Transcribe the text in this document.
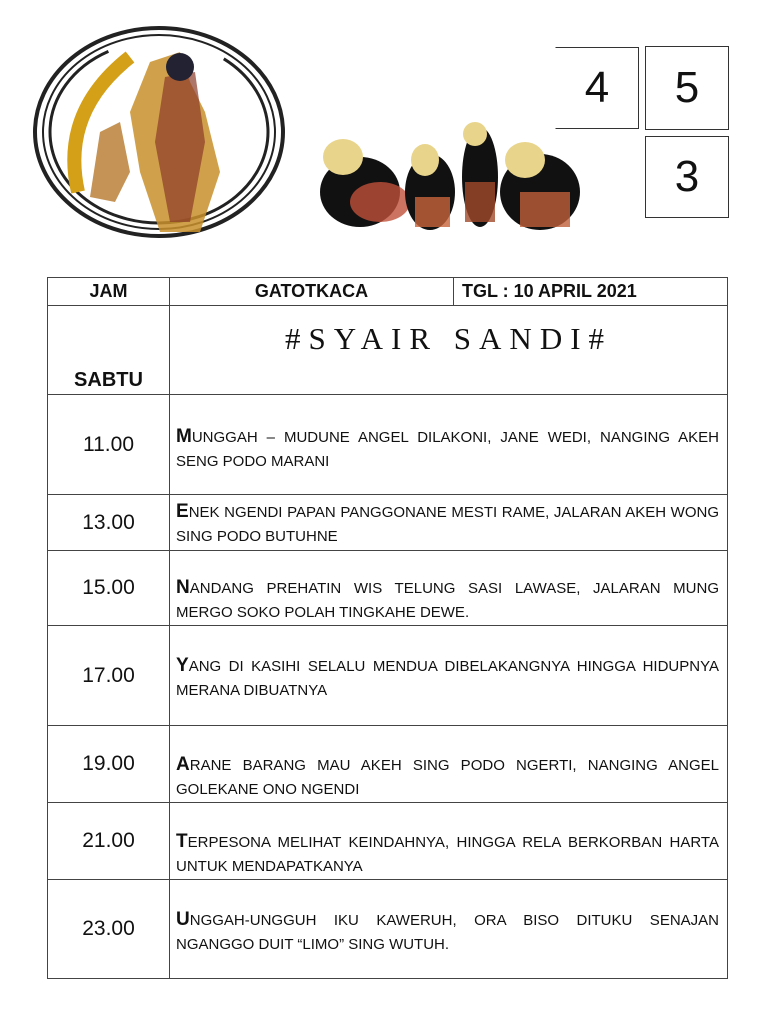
4	5
3
JAM	GATOTKACA	TGL : 10 APRIL 2021
SABTU	#SYAIR SANDI#	
11.00	MUNGGAH – MUDUNE ANGEL DILAKONI, JANE WEDI, NANGING AKEH SENG PODO MARANI	
13.00	ENEK NGENDI PAPAN PANGGONANE MESTI RAME, JALARAN AKEH WONG SING PODO BUTUHNE	
15.00	NANDANG PREHATIN WIS TELUNG SASI LAWASE, JALARAN MUNG MERGO SOKO POLAH TINGKAHE DEWE.	
17.00	YANG DI KASIHI SELALU MENDUA DIBELAKANGNYA HINGGA HIDUPNYA MERANA DIBUATNYA	
19.00	ARANE BARANG MAU AKEH SING PODO NGERTI, NANGING ANGEL GOLEKANE ONO NGENDI	
21.00	TERPESONA MELIHAT KEINDAHNYA, HINGGA RELA BERKORBAN HARTA UNTUK MENDAPATKANYA	
23.00	UNGGAH-UNGGUH IKU KAWERUH, ORA BISO DITUKU SENAJAN NGANGGO DUIT “LIMO” SING WUTUH.	
